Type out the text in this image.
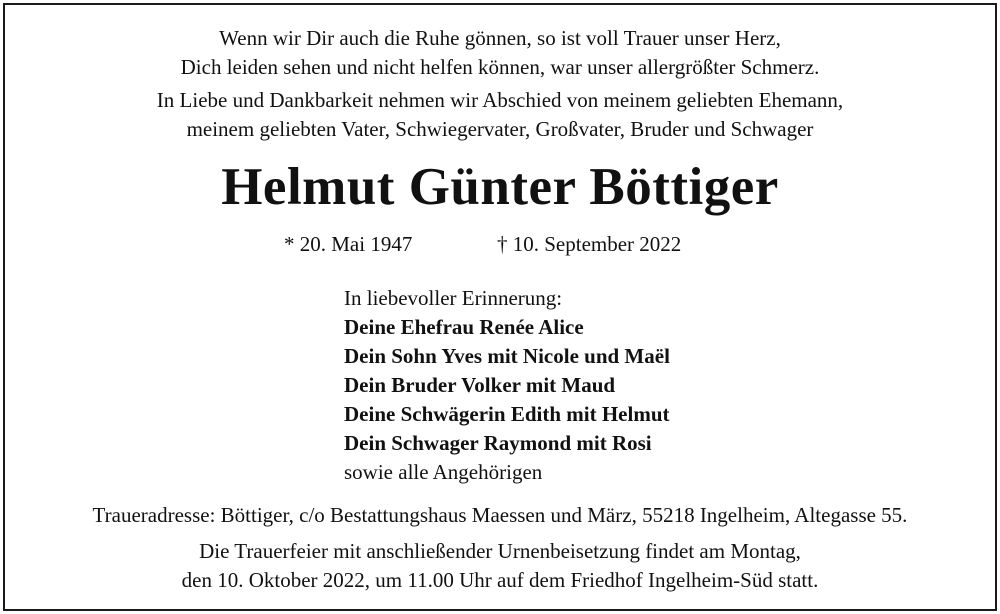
Wenn wir Dir auch die Ruhe gönnen, so ist voll Trauer unser Herz,
Dich leiden sehen und nicht helfen können, war unser allergrößter Schmerz.

In Liebe und Dankbarkeit nehmen wir Abschied von meinem geliebten Ehemann,
meinem geliebten Vater, Schwiegervater, Großvater, Bruder und Schwager

Helmut Günter Böttiger
* 20. Mai 1947	† 10. September 2022
In liebevoller Erinnerung:
Deine Ehefrau Renée Alice
Dein Sohn Yves mit Nicole und Maël
Dein Bruder Volker mit Maud
Deine Schwägerin Edith mit Helmut
Dein Schwager Raymond mit Rosi
sowie alle Angehörigen

Traueradresse: Böttiger, c/o Bestattungshaus Maessen und März, 55218 Ingelheim, Altegasse 55.

Die Trauerfeier mit anschließender Urnenbeisetzung findet am Montag,
den 10. Oktober 2022, um 11.00 Uhr auf dem Friedhof Ingelheim-Süd statt.
